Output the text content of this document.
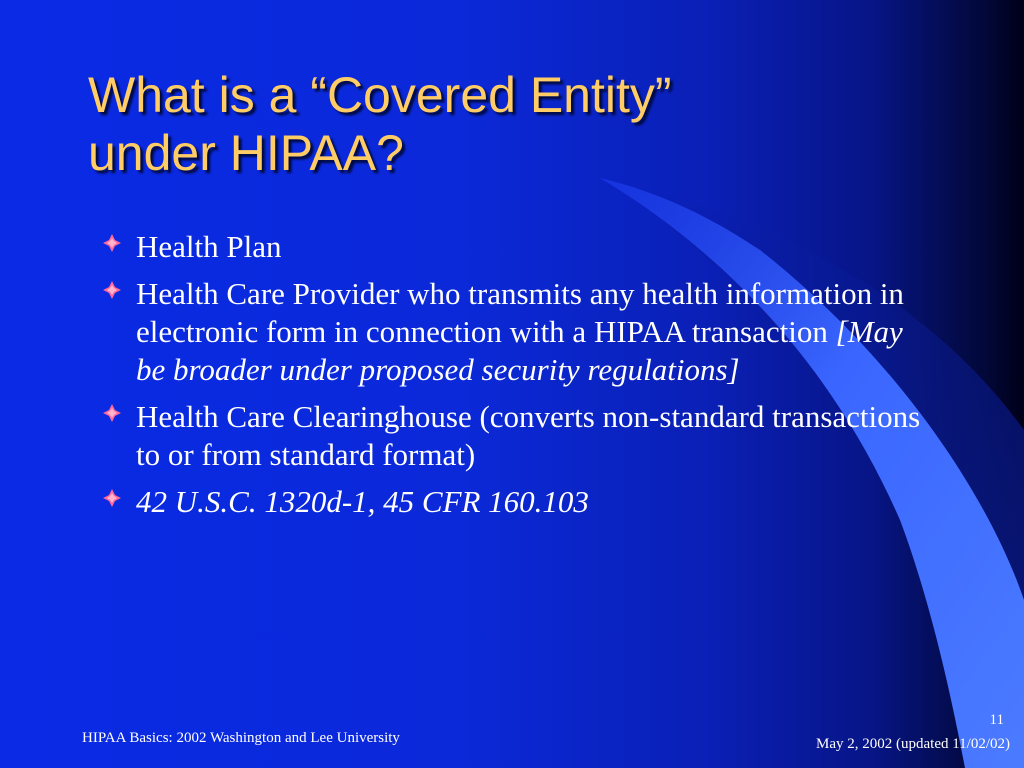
What is a “Covered Entity”
under HIPAA?
Health Plan
Health Care Provider who transmits any health information in electronic form in connection with a HIPAA transaction [May be broader under proposed security regulations]
Health Care Clearinghouse (converts non-standard transactions to or from standard format)
42 U.S.C. 1320d-1, 45 CFR 160.103
HIPAA Basics: 2002 Washington and Lee University
11
May 2, 2002 (updated 11/02/02)
